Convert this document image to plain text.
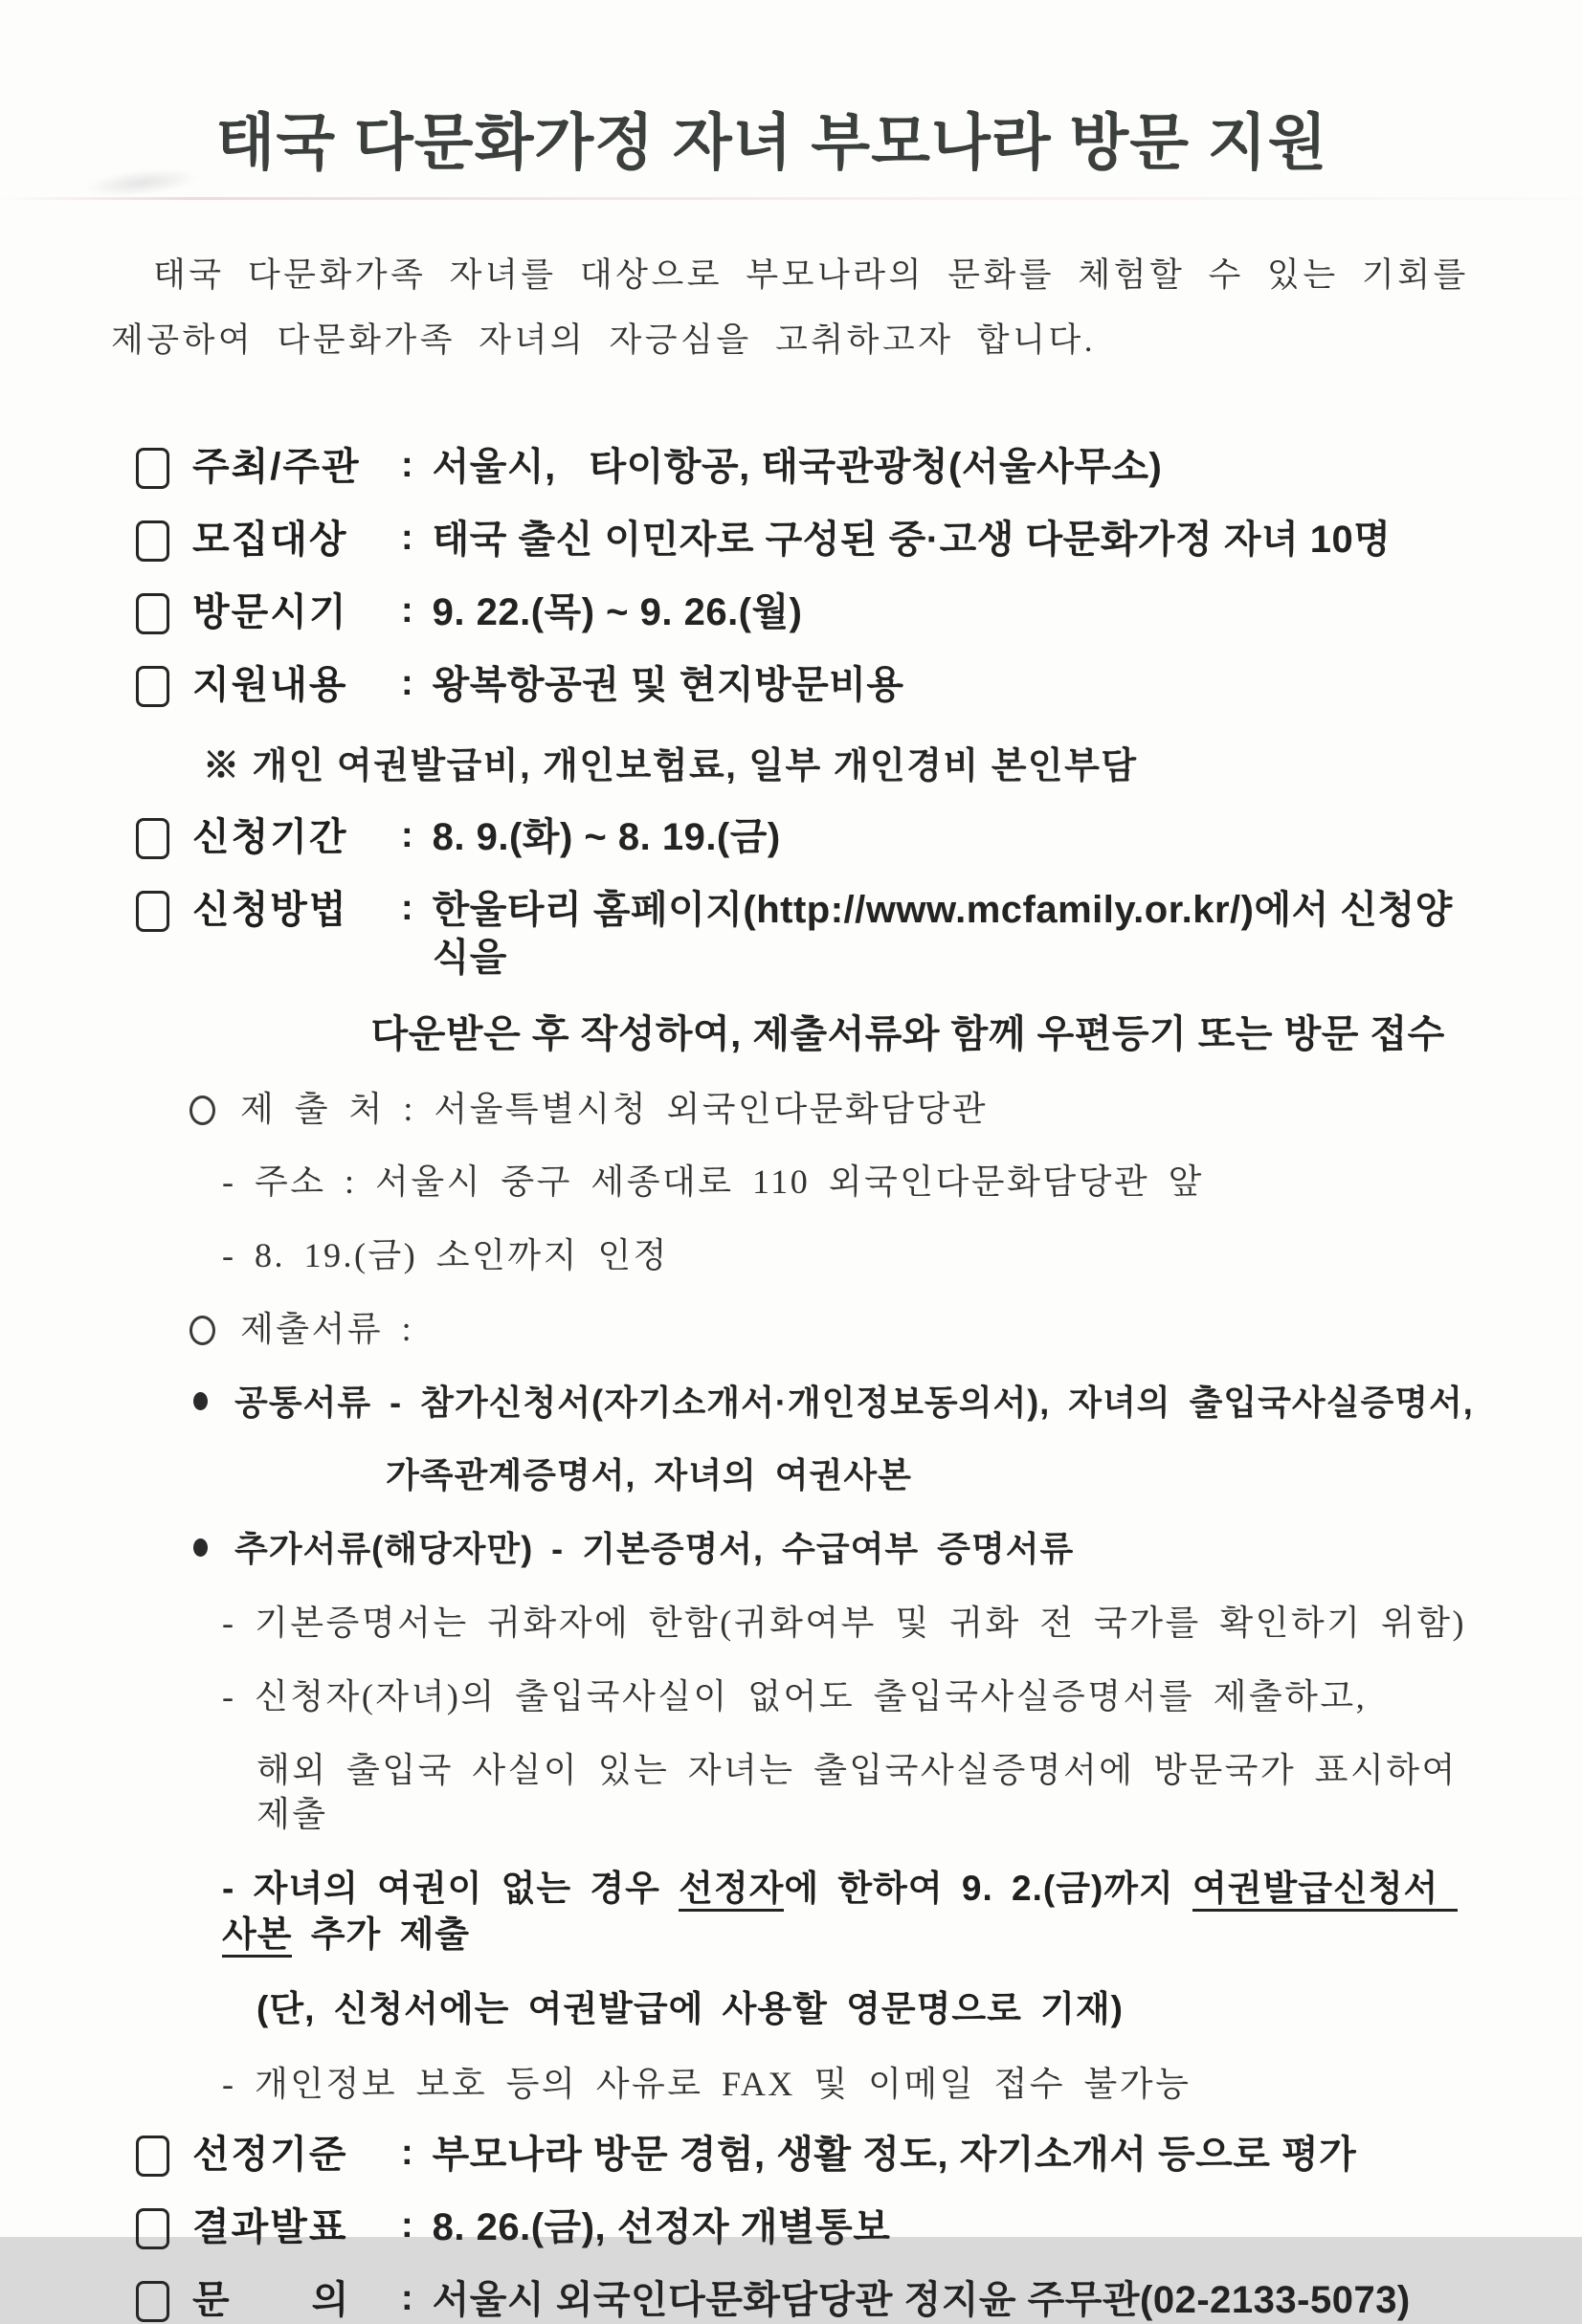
태국 다문화가정 자녀 부모나라 방문 지원

태국 다문화가족 자녀를 대상으로 부모나라의 문화를 체험할 수 있는 기회를 제공하여 다문화가족 자녀의 자긍심을 고취하고자 합니다.

주최/주관	: 서울시,   타이항공, 태국관광청(서울사무소)
모집대상	: 태국 출신 이민자로 구성된 중·고생 다문화가정 자녀 10명
방문시기	: 9. 22.(목) ~ 9. 26.(월)
지원내용	: 왕복항공권 및 현지방문비용
※ 개인 여권발급비, 개인보험료, 일부 개인경비 본인부담
신청기간	: 8. 9.(화) ~ 8. 19.(금)
신청방법	: 한울타리 홈페이지(http://www.mcfamily.or.kr/)에서 신청양식을
다운받은 후 작성하여, 제출서류와 함께 우편등기 또는 방문 접수
제 출 처 : 서울특별시청 외국인다문화담당관
- 주소 : 서울시 중구 세종대로 110 외국인다문화담당관 앞
- 8. 19.(금) 소인까지 인정
제출서류 :
공통서류 - 참가신청서(자기소개서·개인정보동의서), 자녀의 출입국사실증명서,
가족관계증명서, 자녀의 여권사본
추가서류(해당자만) - 기본증명서, 수급여부 증명서류
- 기본증명서는 귀화자에 한함(귀화여부 및 귀화 전 국가를 확인하기 위함)
- 신청자(자녀)의 출입국사실이 없어도 출입국사실증명서를 제출하고,
해외 출입국 사실이 있는 자녀는 출입국사실증명서에 방문국가 표시하여 제출
- 자녀의 여권이 없는 경우 선정자에 한하여 9. 2.(금)까지 여권발급신청서 사본 추가 제출
(단, 신청서에는 여권발급에 사용할 영문명으로 기재)
- 개인정보 보호 등의 사유로 FAX 및 이메일 접수 불가능
선정기준	: 부모나라 방문 경험, 생활 정도, 자기소개서 등으로 평가
결과발표	: 8. 26.(금), 선정자 개별통보
문　　의	: 서울시 외국인다문화담당관 정지윤 주무관(02-2133-5073)
